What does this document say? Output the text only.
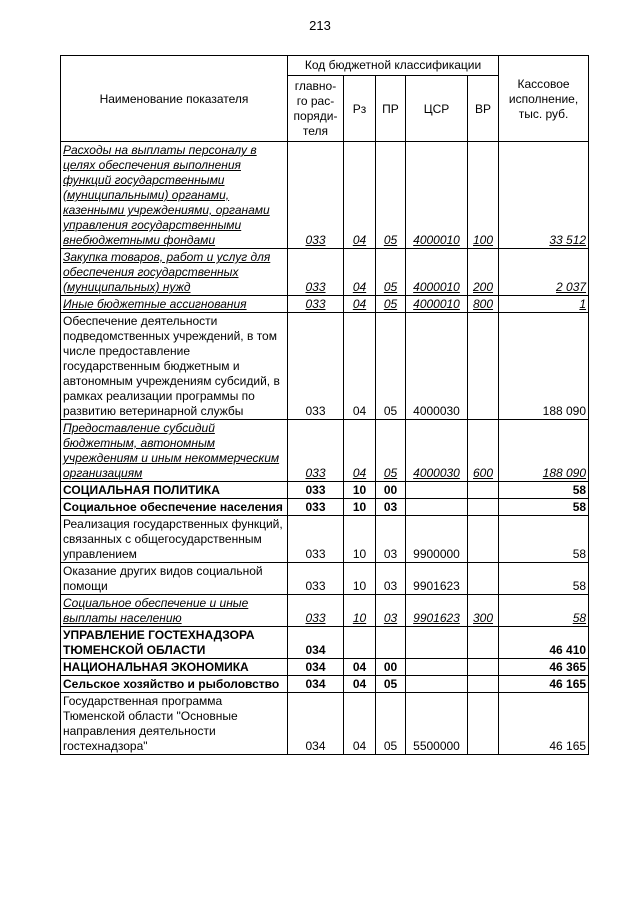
213
Наименование показателя	Код бюджетной классификации					Кассовое исполнение, тыс. руб.
	главно-го рас-поряди-теля	Рз	ПР	ЦСР	ВР	
Расходы на выплаты персоналу в целях обеспечения выполнения функций государственными (муниципальными) органами, казенными учреждениями, органами управления государственными внебюджетными фондами	033	04	05	4000010	100	33 512
Закупка товаров, работ и услуг для обеспечения государственных (муниципальных) нужд	033	04	05	4000010	200	2 037
Иные бюджетные ассигнования	033	04	05	4000010	800	1
Обеспечение деятельности подведомственных учреждений, в том числе предоставление государственным бюджетным и автономным учреждениям субсидий, в рамках реализации программы по развитию ветеринарной службы	033	04	05	4000030		188 090
Предоставление субсидий бюджетным, автономным учреждениям и иным некоммерческим организациям	033	04	05	4000030	600	188 090
СОЦИАЛЬНАЯ ПОЛИТИКА	033	10	00			58
Социальное обеспечение населения	033	10	03			58
Реализация государственных функций, связанных с общегосударственным управлением	033	10	03	9900000		58
Оказание других видов социальной помощи	033	10	03	9901623		58
Социальное обеспечение и иные выплаты населению	033	10	03	9901623	300	58
УПРАВЛЕНИЕ ГОСТЕХНАДЗОРА ТЮМЕНСКОЙ ОБЛАСТИ	034					46 410
НАЦИОНАЛЬНАЯ ЭКОНОМИКА	034	04	00			46 365
Сельское хозяйство и рыболовство	034	04	05			46 165
Государственная программа Тюменской области "Основные направления деятельности гостехнадзора"	034	04	05	5500000		46 165
